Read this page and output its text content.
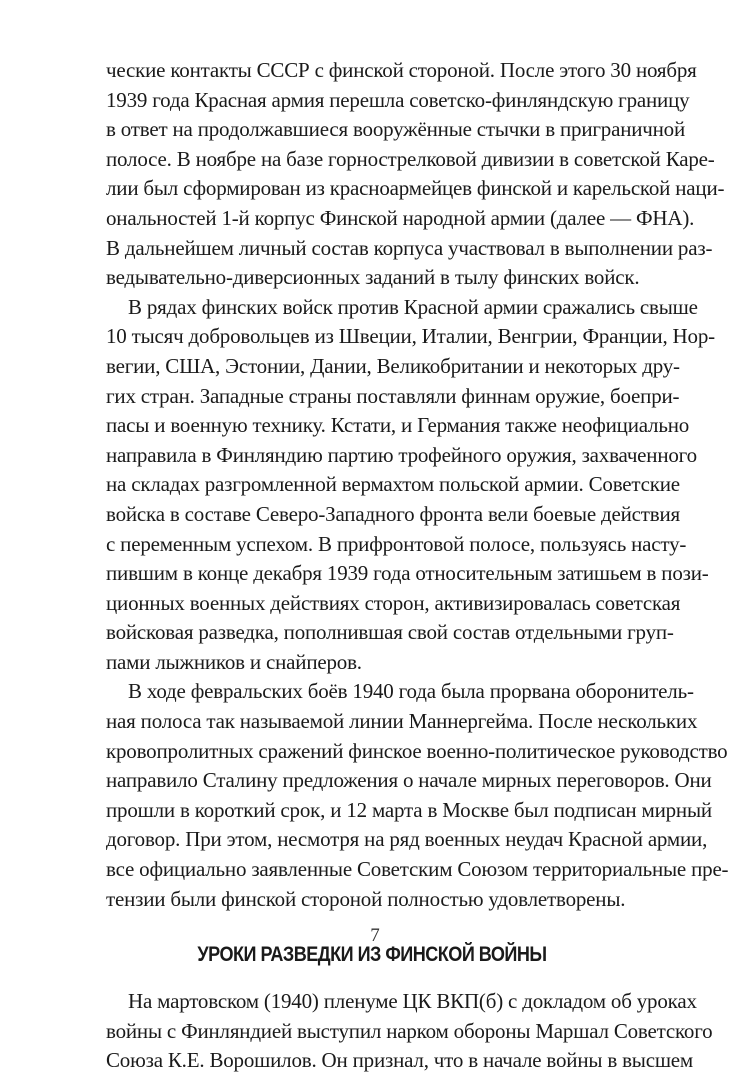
ческие контакты СССР с финской стороной. После этого 30 ноября
1939 года Красная армия перешла советско-финляндскую границу
в ответ на продолжавшиеся вооружённые стычки в приграничной
полосе. В ноябре на базе горнострелковой дивизии в советской Каре-
лии был сформирован из красноармейцев финской и карельской наци-
ональностей 1-й корпус Финской народной армии (далее — ФНА).
В дальнейшем личный состав корпуса участвовал в выполнении раз-
ведывательно-диверсионных заданий в тылу финских войск.
В рядах финских войск против Красной армии сражались свыше
10 тысяч добровольцев из Швеции, Италии, Венгрии, Франции, Нор-
вегии, США, Эстонии, Дании, Великобритании и некоторых дру-
гих стран. Западные страны поставляли финнам оружие, боепри-
пасы и военную технику. Кстати, и Германия также неофициально
направила в Финляндию партию трофейного оружия, захваченного
на складах разгромленной вермахтом польской армии. Советские
войска в составе Северо-Западного фронта вели боевые действия
с переменным успехом. В прифронтовой полосе, пользуясь насту-
пившим в конце декабря 1939 года относительным затишьем в пози-
ционных военных действиях сторон, активизировалась советская
войсковая разведка, пополнившая свой состав отдельными груп-
пами лыжников и снайперов.
В ходе февральских боёв 1940 года была прорвана оборонитель-
ная полоса так называемой линии Маннергейма. После нескольких
кровопролитных сражений финское военно-политическое руководство
направило Сталину предложения о начале мирных переговоров. Они
прошли в короткий срок, и 12 марта в Москве был подписан мирный
договор. При этом, несмотря на ряд военных неудач Красной армии,
все официально заявленные Советским Союзом территориальные пре-
тензии были финской стороной полностью удовлетворены.
УРОКИ РАЗВЕДКИ ИЗ ФИНСКОЙ ВОЙНЫ
На мартовском (1940) пленуме ЦК ВКП(б) с докладом об уроках
войны с Финляндией выступил нарком обороны Маршал Советского
Союза К.Е. Ворошилов. Он признал, что в начале войны в высшем
7
